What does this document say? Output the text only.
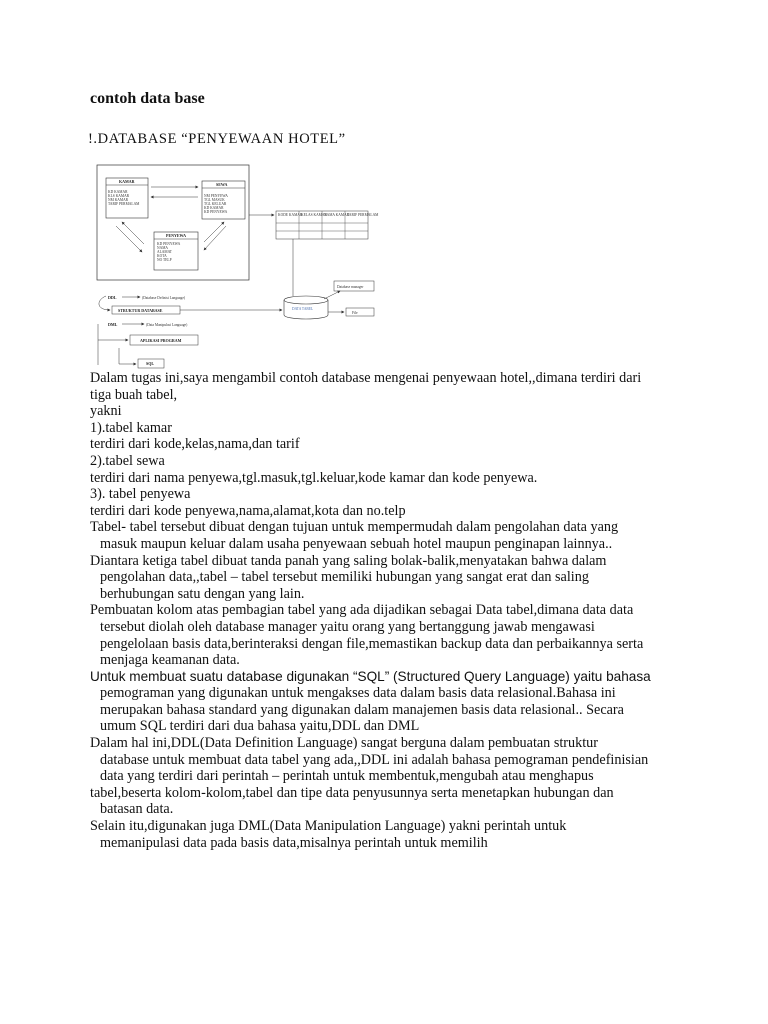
contoh data base
!.DATABASE “PENYEWAAN HOTEL”
KAMAR
KD KAMAR
KLS KAMAR
NM KAMAR
TARIF PERMALAM
SEWA
NM PENYEWA
TGL MASUK
TGL KELUAR
KD KAMAR
KD PENYEWA
PENYEWA
KD PENYEWA
NAMA
ALAMAT
KOTA
NO TELP
KODE KAMAR
KELAS KAMAR
NAMA KAMAR
TARIF PERMALAM
DATA TABEL
Database manager
File
DDL	(Database Definisi Language)
STRUKTUR DATABASE
DML	(Data Manipulasi Language)
APLIKASI PROGRAM
SQL

Dalam tugas ini,saya mengambil contoh database mengenai penyewaan hotel,,dimana terdiri dari

tiga buah tabel,

yakni

1).tabel kamar

terdiri dari kode,kelas,nama,dan tarif

2).tabel sewa

terdiri dari nama penyewa,tgl.masuk,tgl.keluar,kode kamar dan kode penyewa.

3). tabel penyewa

terdiri dari kode penyewa,nama,alamat,kota dan no.telp

Tabel- tabel tersebut dibuat dengan tujuan untuk mempermudah dalam pengolahan data yang

masuk maupun keluar dalam usaha penyewaan sebuah hotel maupun penginapan lainnya..

Diantara ketiga tabel dibuat tanda panah yang saling bolak-balik,menyatakan bahwa dalam

pengolahan data,,tabel – tabel tersebut memiliki hubungan yang sangat erat dan saling

berhubungan satu dengan yang lain.

Pembuatan kolom atas pembagian tabel yang ada dijadikan sebagai Data tabel,dimana data data

tersebut diolah oleh database manager yaitu orang yang bertanggung jawab mengawasi

pengelolaan basis data,berinteraksi dengan file,memastikan backup data dan perbaikannya serta

menjaga keamanan data.

Untuk membuat suatu database digunakan “SQL” (Structured Query Language) yaitu bahasa

pemograman yang digunakan untuk mengakses data dalam basis data relasional.Bahasa ini

merupakan bahasa standard yang digunakan dalam manajemen basis data relasional.. Secara

umum SQL terdiri dari dua bahasa yaitu,DDL dan DML

Dalam hal ini,DDL(Data Definition Language) sangat berguna dalam pembuatan struktur

database untuk membuat data tabel yang ada,,DDL ini adalah bahasa pemograman pendefinisian

data yang terdiri dari perintah – perintah untuk membentuk,mengubah atau menghapus

tabel,beserta kolom-kolom,tabel dan tipe data penyusunnya serta menetapkan hubungan dan

batasan data.

Selain itu,digunakan juga DML(Data Manipulation Language) yakni perintah untuk

memanipulasi data pada basis data,misalnya perintah untuk memilih
